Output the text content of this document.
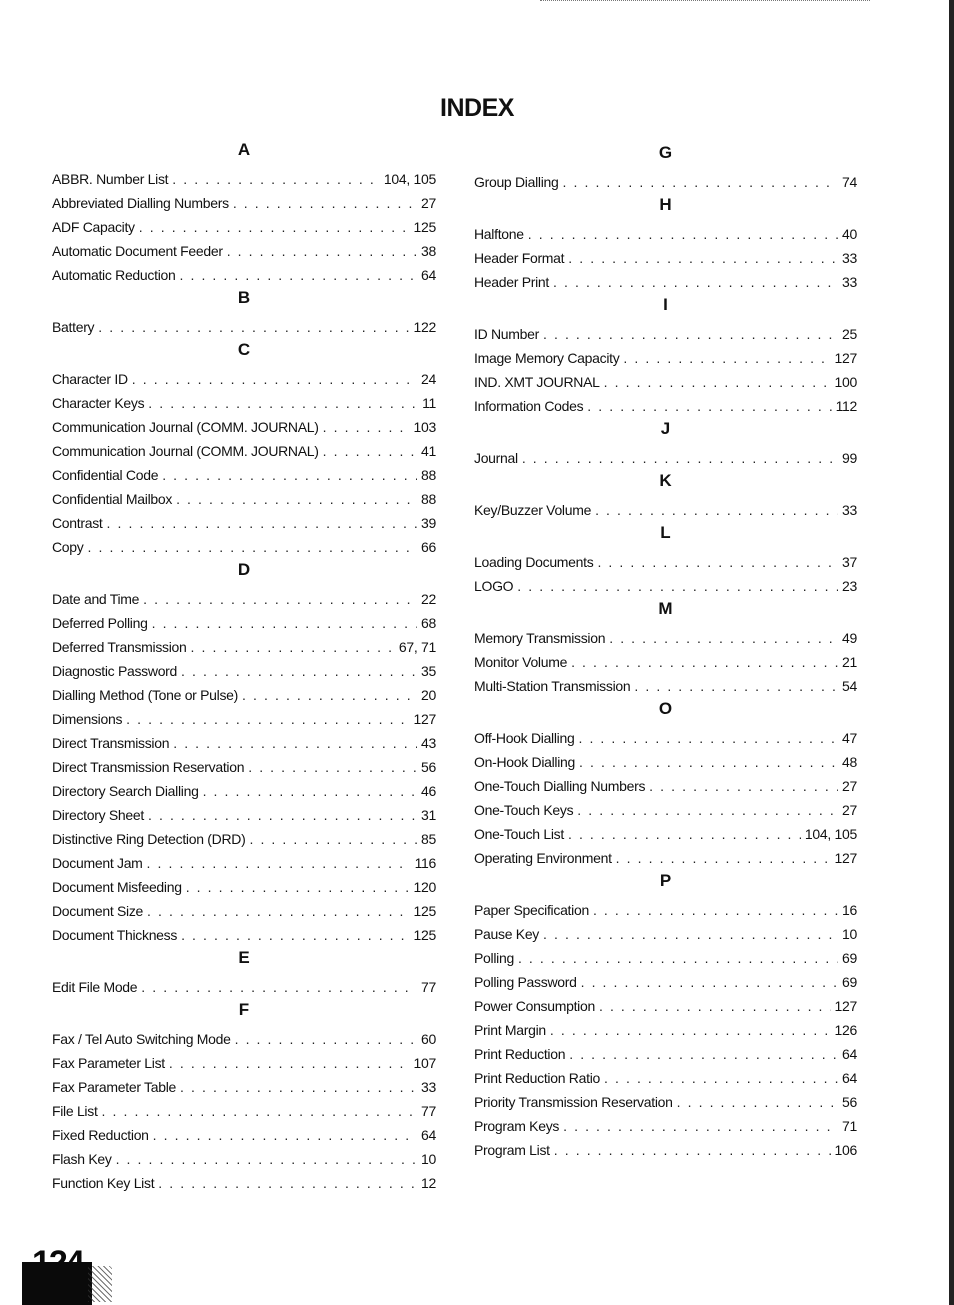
INDEX
A
ABBR. Number List . . .	104, 105
Abbreviated Dialling Numbers . . .	27
ADF Capacity . . .	125
Automatic Document Feeder . . .	38
Automatic Reduction . . .	64
B
Battery . . .	122
C
Character ID . . .	24
Character Keys . . .	11
Communication Journal (COMM. JOURNAL) . . .	103
Communication Journal (COMM. JOURNAL) . . .	41
Confidential Code . . .	88
Confidential Mailbox . . .	88
Contrast . . .	39
Copy . . .	66
D
Date and Time . . .	22
Deferred Polling . . .	68
Deferred Transmission . . .	67, 71
Diagnostic Password . . .	35
Dialling Method (Tone or Pulse) . . .	20
Dimensions . . .	127
Direct Transmission . . .	43
Direct Transmission Reservation . . .	56
Directory Search Dialling . . .	46
Directory Sheet . . .	31
Distinctive Ring Detection (DRD) . . .	85
Document Jam . . .	116
Document Misfeeding . . .	120
Document Size . . .	125
Document Thickness . . .	125
E
Edit File Mode . . .	77
F
Fax / Tel Auto Switching Mode . . .	60
Fax Parameter List . . .	107
Fax Parameter Table . . .	33
File List . . .	77
Fixed Reduction . . .	64
Flash Key . . .	10
Function Key List . . .	12
G
Group Dialling . . .	74
H
Halftone . . .	40
Header Format . . .	33
Header Print . . .	33
I
ID Number . . .	25
Image Memory Capacity . . .	127
IND. XMT JOURNAL . . .	100
Information Codes . . .	112
J
Journal . . .	99
K
Key/Buzzer Volume . . .	33
L
Loading Documents . . .	37
LOGO . . .	23
M
Memory Transmission . . .	49
Monitor Volume . . .	21
Multi-Station Transmission . . .	54
O
Off-Hook Dialling . . .	47
On-Hook Dialling . . .	48
One-Touch Dialling Numbers . . .	27
One-Touch Keys . . .	27
One-Touch List . . .	104, 105
Operating Environment . . .	127
P
Paper Specification . . .	16
Pause Key . . .	10
Polling . . .	69
Polling Password . . .	69
Power Consumption . . .	127
Print Margin . . .	126
Print Reduction . . .	64
Print Reduction Ratio . . .	64
Priority Transmission Reservation . . .	56
Program Keys . . .	71
Program List . . .	106
124
